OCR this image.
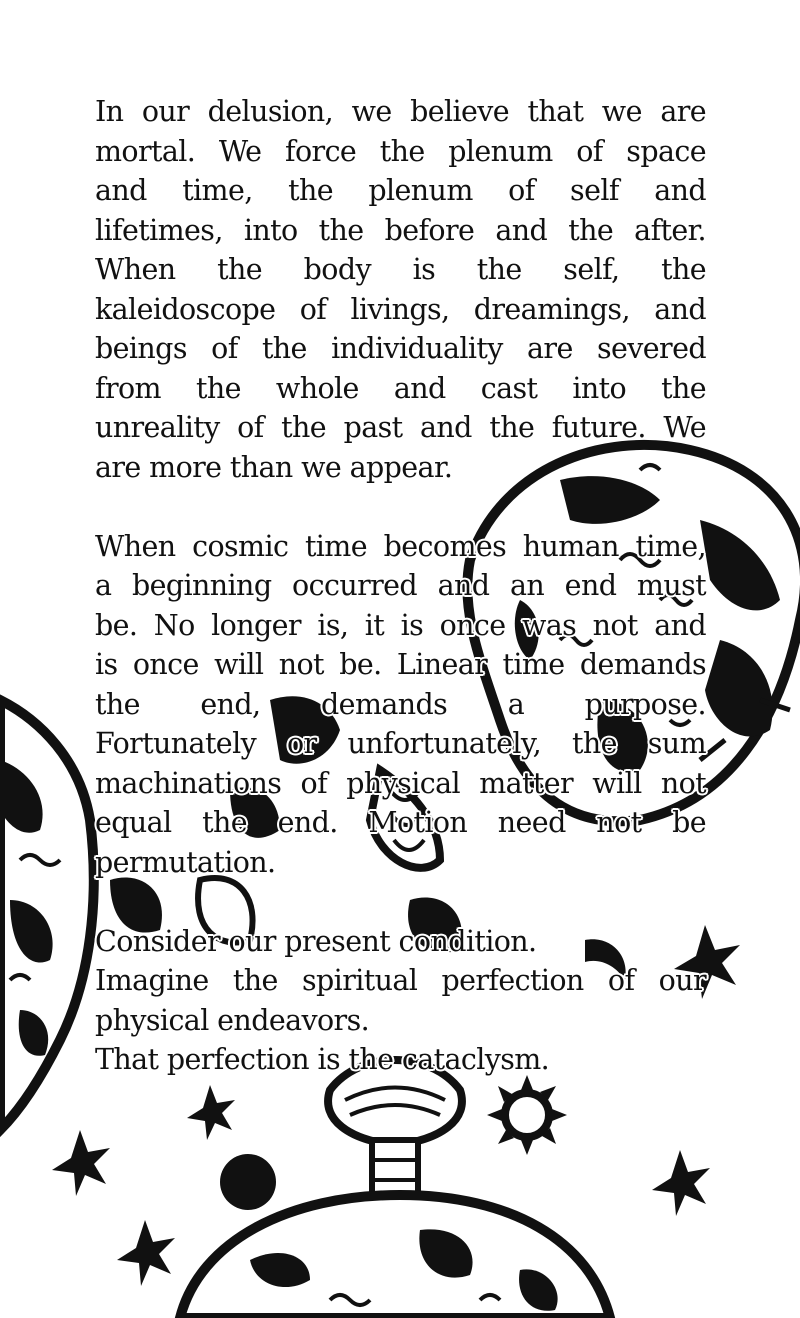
In our delusion, we believe that we are
mortal. We force the plenum of space
and time, the plenum of self and
lifetimes, into the before and the after.
When the body is the self, the
kaleidoscope of livings, dreamings, and
beings of the individuality are severed
from the whole and cast into the
unreality of the past and the future. We
are more than we appear.

When cosmic time becomes human time,
a beginning occurred and an end must
be. No longer is, it is once was not and
is once will not be. Linear time demands
the end, demands a purpose.
Fortunately or unfortunately, the sum
machinations of physical matter will not
equal the end. Motion need not be
permutation.

Consider our present condition.
Imagine the spiritual perfection of our
physical endeavors.
That perfection is the cataclysm.
